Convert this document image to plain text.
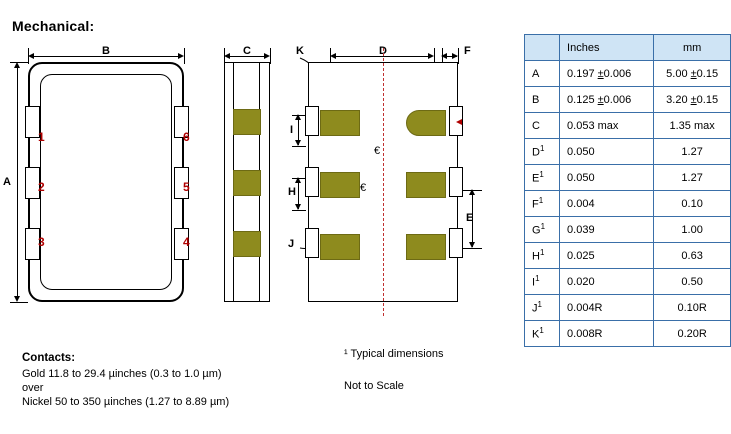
Mechanical:
B
A
1
2
3	4
5
6
C	D	F
K
I
H
J
E
€
€
Contacts:
Gold 11.8 to 29.4 µinches (0.3 to 1.0 µm)
over
Nickel 50 to 350 µinches (1.27 to 8.89 µm)
¹ Typical dimensions
Not to Scale
	Inches	mm
A	0.197 ±0.006	5.00 ±0.15
B	0.125 ±0.006	3.20 ±0.15
C	0.053 max	1.35 max
$D^1$	0.050	1.27
$E^1$	0.050	1.27
$F^1$	0.004	0.10
$G^1$	0.039	1.00
$H^1$	0.025	0.63
$I^1$	0.020	0.50
$J^1$	0.004R	0.10R
$K^1$	0.008R	0.20R
